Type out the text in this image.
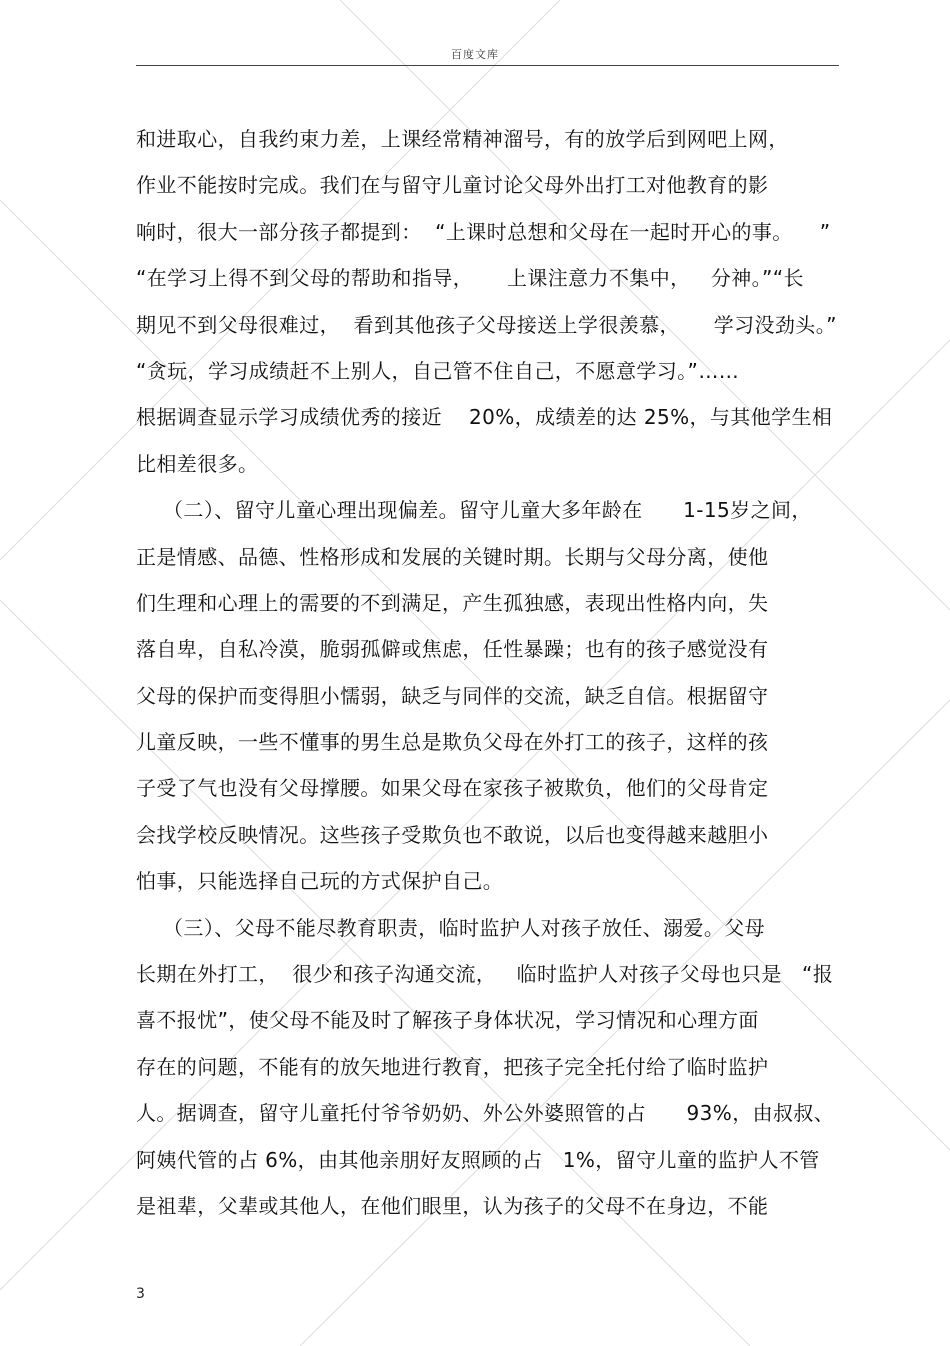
百度文库
和进取心，自我约束力差，上课经常精神溜号，有的放学后到网吧上网，
作业不能按时完成。我们在与留守儿童讨论父母外出打工对他教育的影
响时，很大一部分孩子都提到：  “上课时总想和父母在一起时开心的事。    ”
“在学习上得不到父母的帮助和指导，     上课注意力不集中，   分神。”“长
期见不到父母很难过，  看到其他孩子父母接送上学很羡慕，     学习没劲头。”
“贪玩，学习成绩赶不上别人，自己管不住自己，不愿意学习。”……
根据调查显示学习成绩优秀的接近    20%，成绩差的达 25%，与其他学生相
比相差很多。
（二）、留守儿童心理出现偏差。留守儿童大多年龄在      1-15岁之间，
正是情感、品德、性格形成和发展的关键时期。长期与父母分离，使他
们生理和心理上的需要的不到满足，产生孤独感，表现出性格内向，失
落自卑，自私冷漠，脆弱孤僻或焦虑，任性暴躁；也有的孩子感觉没有
父母的保护而变得胆小懦弱，缺乏与同伴的交流，缺乏自信。根据留守
儿童反映，一些不懂事的男生总是欺负父母在外打工的孩子，这样的孩
子受了气也没有父母撑腰。如果父母在家孩子被欺负，他们的父母肯定
会找学校反映情况。这些孩子受欺负也不敢说，以后也变得越来越胆小
怕事，只能选择自己玩的方式保护自己。
（三）、父母不能尽教育职责，临时监护人对孩子放任、溺爱。父母
长期在外打工，  很少和孩子沟通交流，   临时监护人对孩子父母也只是   “报
喜不报忧”，使父母不能及时了解孩子身体状况，学习情况和心理方面
存在的问题，不能有的放矢地进行教育，把孩子完全托付给了临时监护
人。据调查，留守儿童托付爷爷奶奶、外公外婆照管的占      93%，由叔叔、
阿姨代管的占 6%，由其他亲朋好友照顾的占   1%，留守儿童的监护人不管
是祖辈，父辈或其他人，在他们眼里，认为孩子的父母不在身边，不能
3
